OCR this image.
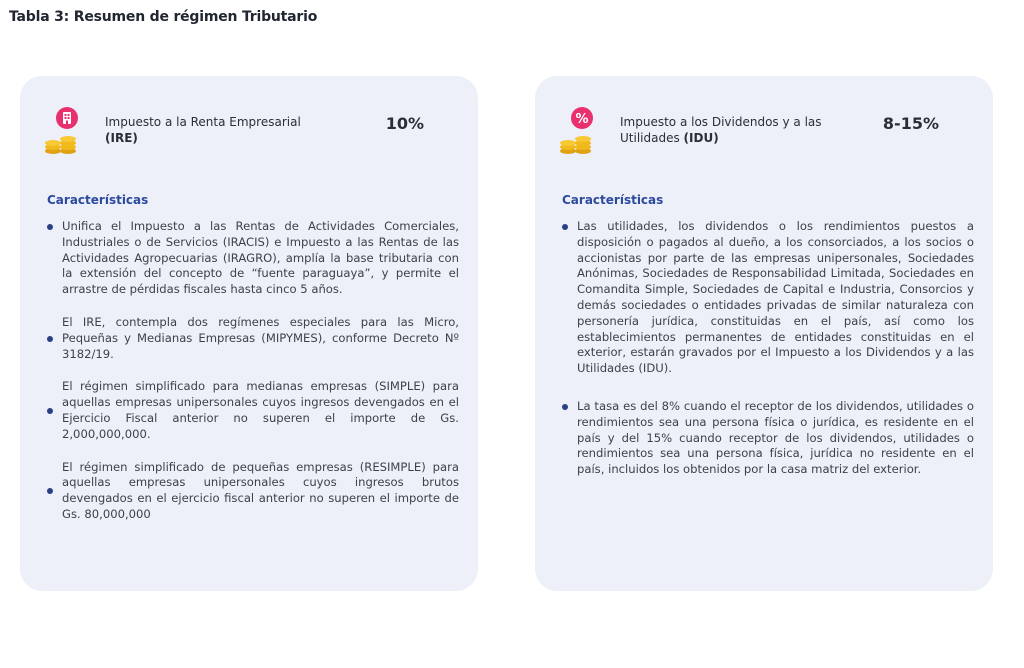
Tabla 3: Resumen de régimen Tributario
Impuesto a la Renta Empresarial
(IRE)
10%
Características
Unifica el Impuesto a las Rentas de Actividades Comerciales, Industriales o de Servicios (IRACIS) e Impuesto a las Rentas de las Actividades Agropecuarias (IRAGRO), amplía la base tributaria con la extensión del concepto de “fuente paraguaya”, y permite el arrastre de pérdidas fiscales hasta cinco 5 años.
El IRE, contempla dos regímenes especiales para las Micro, Pequeñas y Medianas Empresas (MIPYMES), conforme Decreto Nº 3182/19.
El régimen simplificado para medianas empresas (SIMPLE) para aquellas empresas unipersonales cuyos ingresos devengados en el Ejercicio Fiscal anterior no superen el importe de Gs. 2,000,000,000.
El régimen simplificado de pequeñas empresas (RESIMPLE) para aquellas empresas unipersonales cuyos ingresos brutos devengados en el ejercicio fiscal anterior no superen el importe de Gs. 80,000,000
%	Impuesto a los Dividendos y a las Utilidades (IDU)
8-15%
Características
Las utilidades, los dividendos o los rendimientos puestos a disposición o pagados al dueño, a los consorciados, a los socios o accionistas por parte de las empresas unipersonales, Sociedades Anónimas, Sociedades de Responsabilidad Limitada, Sociedades en Comandita Simple, Sociedades de Capital e Industria, Consorcios y demás sociedades o entidades privadas de similar naturaleza con personería jurídica, constituidas en el país, así como los establecimientos permanentes de entidades constituidas en el exterior, estarán gravados por el Impuesto a los Dividendos y a las Utilidades (IDU).
La tasa es del 8% cuando el receptor de los dividendos, utilidades o rendimientos sea una persona física o jurídica, es residente en el país y del 15% cuando receptor de los dividendos, utilidades o rendimientos sea una persona física, jurídica no residente en el país, incluidos los obtenidos por la casa matriz del exterior.
